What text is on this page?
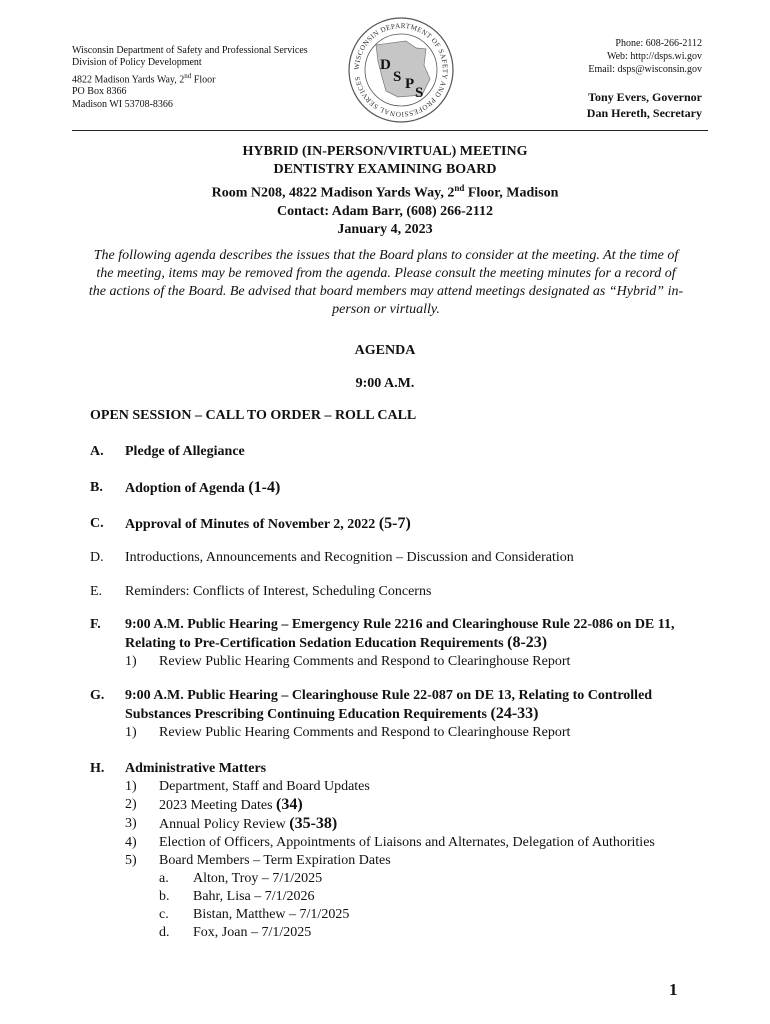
Wisconsin Department of Safety and Professional Services
Division of Policy Development
4822 Madison Yards Way, 2nd Floor
PO Box 8366
Madison WI 53708-8366
WISCONSIN DEPARTMENT OF SAFETY AND PROFESSIONAL SERVICES
D
S P
S
Phone: 608-266-2112
Web: http://dsps.wi.gov
Email: dsps@wisconsin.gov
Tony Evers, Governor
Dan Hereth, Secretary
HYBRID (IN-PERSON/VIRTUAL) MEETING
DENTISTRY EXAMINING BOARD
Room N208, 4822 Madison Yards Way, 2nd Floor, Madison
Contact: Adam Barr, (608) 266-2112
January 4, 2023
The following agenda describes the issues that the Board plans to consider at the meeting. At the time of the meeting, items may be removed from the agenda. Please consult the meeting minutes for a record of the actions of the Board. Be advised that board members may attend meetings designated as “Hybrid” in-person or virtually.
AGENDA
9:00 A.M.
OPEN SESSION – CALL TO ORDER – ROLL CALL
A. Pledge of Allegiance
B. Adoption of Agenda (1-4)
C. Approval of Minutes of November 2, 2022 (5-7)
D. Introductions, Announcements and Recognition – Discussion and Consideration
E. Reminders: Conflicts of Interest, Scheduling Concerns
F. 9:00 A.M. Public Hearing – Emergency Rule 2216 and Clearinghouse Rule 22-086 on DE 11, Relating to Pre-Certification Sedation Education Requirements (8-23)
1) Review Public Hearing Comments and Respond to Clearinghouse Report
G. 9:00 A.M. Public Hearing – Clearinghouse Rule 22-087 on DE 13, Relating to Controlled Substances Prescribing Continuing Education Requirements (24-33)
1) Review Public Hearing Comments and Respond to Clearinghouse Report
H. Administrative Matters
1) Department, Staff and Board Updates
2) 2023 Meeting Dates (34)
3) Annual Policy Review (35-38)
4) Election of Officers, Appointments of Liaisons and Alternates, Delegation of Authorities
5) Board Members – Term Expiration Dates
a. Alton, Troy – 7/1/2025
b. Bahr, Lisa – 7/1/2026
c. Bistan, Matthew – 7/1/2025
d. Fox, Joan – 7/1/2025
1
